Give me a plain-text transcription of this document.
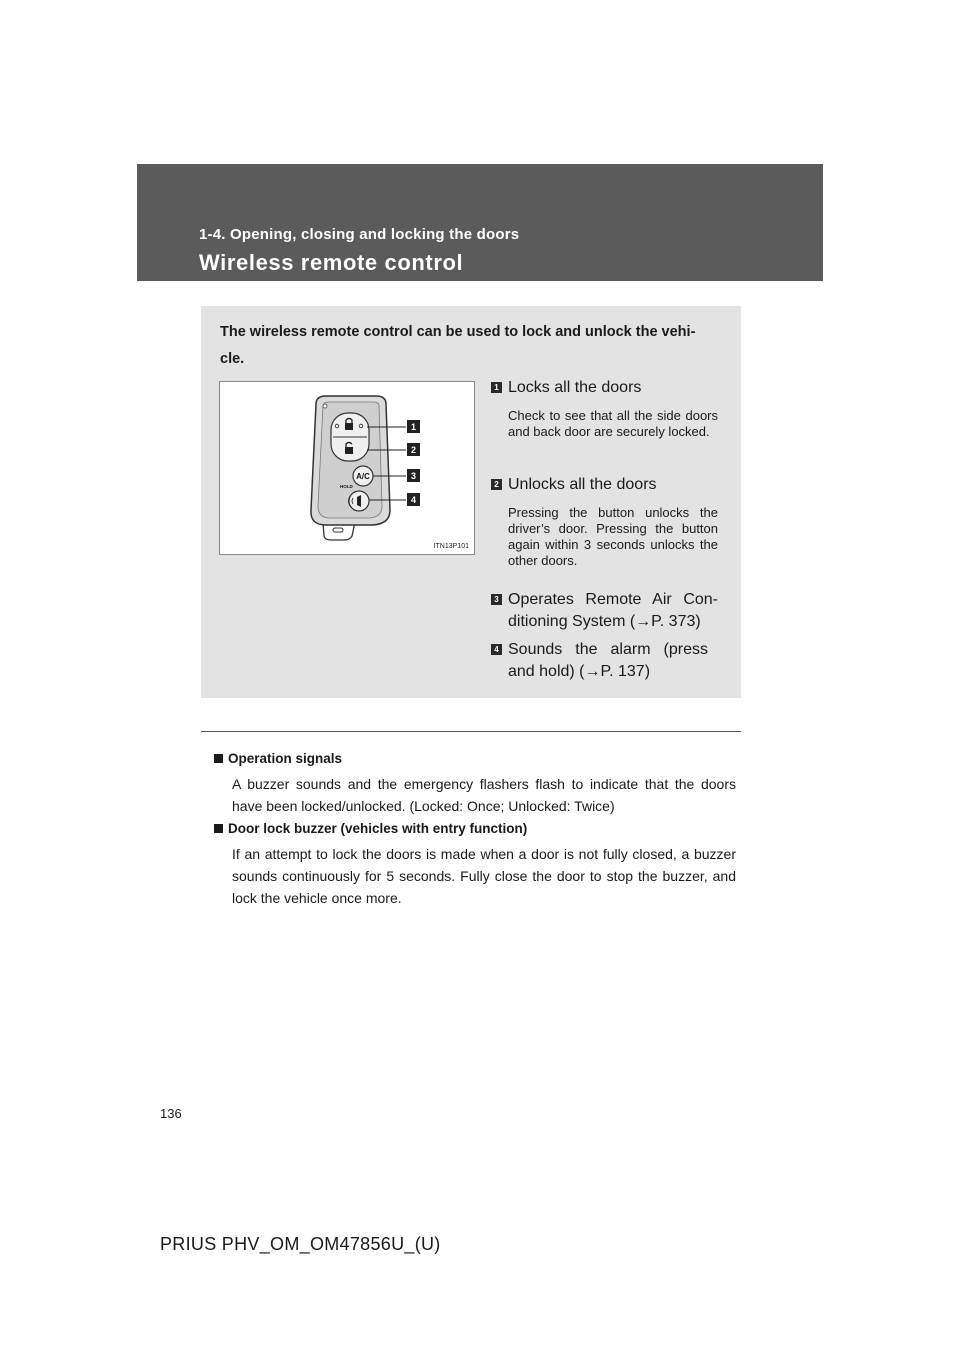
1-4. Opening, closing and locking the doors
Wireless remote control
The wireless remote control can be used to lock and unlock the vehi- cle.
A/C
HOLD
1
2
3
4
ITN13P101
1 Locks all the doors
Check to see that all the side doors and back door are securely locked.
2 Unlocks all the doors
Pressing the button unlocks the driver’s door. Pressing the button again within 3 seconds unlocks the other doors.
3 Operates Remote Air Con- ditioning System (→P. 373)
4 Sounds the alarm (press and hold) (→P. 137)
Operation signals
A buzzer sounds and the emergency flashers flash to indicate that the doors have been locked/unlocked. (Locked: Once; Unlocked: Twice)
Door lock buzzer (vehicles with entry function)
If an attempt to lock the doors is made when a door is not fully closed, a buzzer sounds continuously for 5 seconds. Fully close the door to stop the buzzer, and lock the vehicle once more.
136
PRIUS PHV_OM_OM47856U_(U)
